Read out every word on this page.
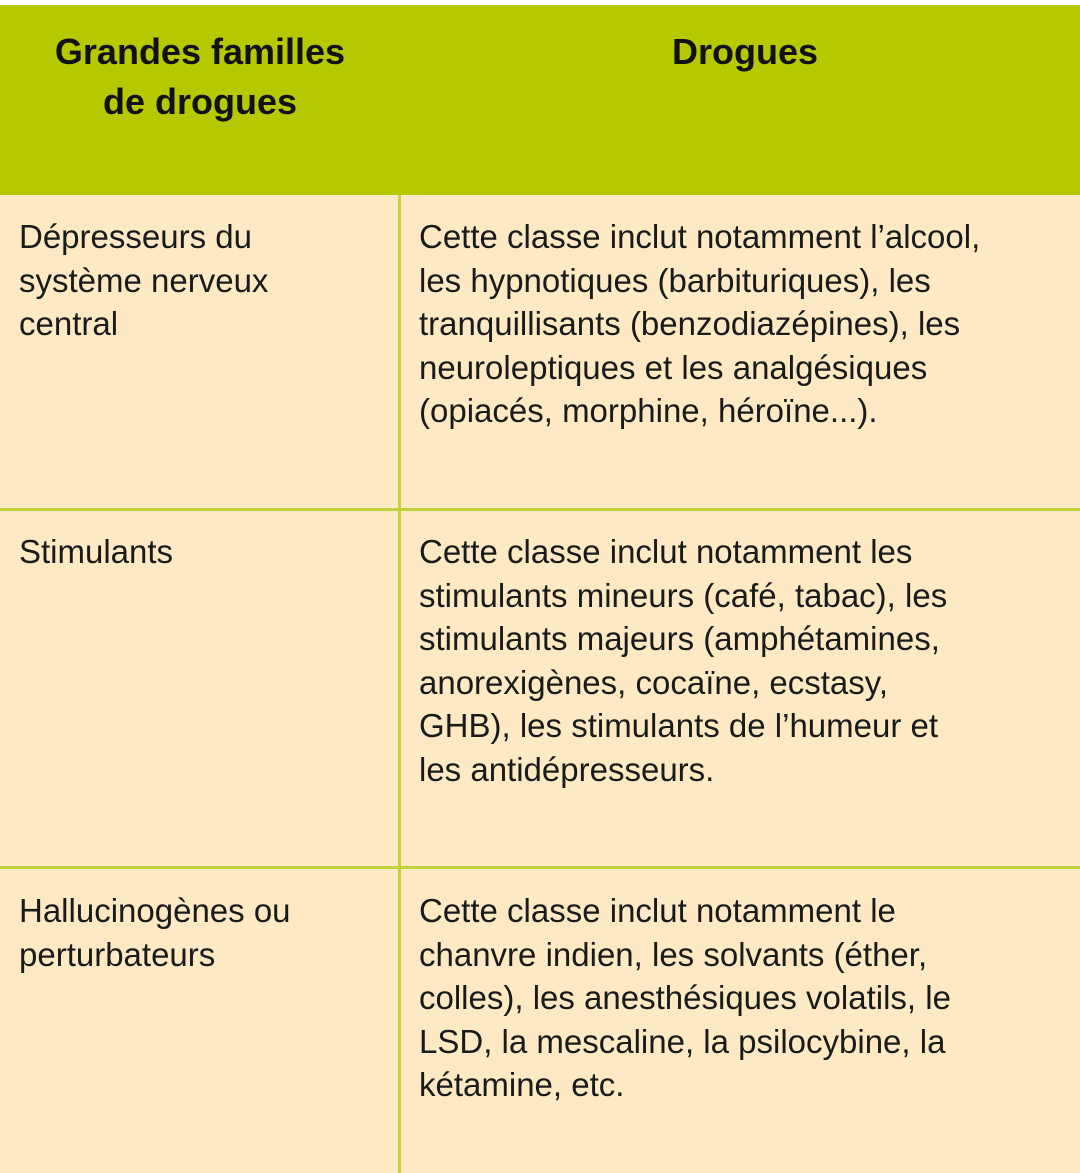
Grandes familles
de drogues
Drogues
Dépresseurs du
système nerveux
central
Cette classe inclut notamment l’alcool,
les hypnotiques (barbituriques), les
tranquillisants (benzodiazépines), les
neuroleptiques et les analgésiques
(opiacés, morphine, héroïne...).
Stimulants	Cette classe inclut notamment les
stimulants mineurs (café, tabac), les
stimulants majeurs (amphétamines,
anorexigènes, cocaïne, ecstasy,
GHB), les stimulants de l’humeur et
les antidépresseurs.
Hallucinogènes ou
perturbateurs
Cette classe inclut notamment le
chanvre indien, les solvants (éther,
colles), les anesthésiques volatils, le
LSD, la mescaline, la psilocybine, la
kétamine, etc.
